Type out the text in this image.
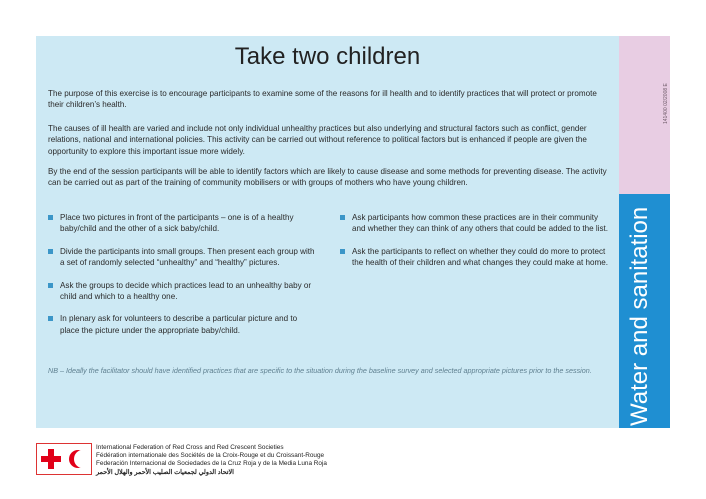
Take two children

The purpose of this exercise is to encourage participants to examine some of the reasons for ill health and to identify practices that will protect or promote their children’s health.

The causes of ill health are varied and include not only individual unhealthy practices but also underlying and structural factors such as conflict, gender relations, national and international policies. This activity can be carried out without reference to political factors but is enhanced if people are given the opportunity to explore this important issue more widely.

By the end of the session participants will be able to identify factors which are likely to cause disease and some methods for preventing disease. The activity can be carried out as part of the training of community mobilisers or with groups of mothers who have young children.

Place two pictures in front of the participants – one is of a healthy baby/child and the other of a sick baby/child.
Divide the participants into small groups. Then present each group with a set of randomly selected “unhealthy” and “healthy” pictures.
Ask the groups to decide which practices lead to an unhealthy baby or child and which to a healthy one.
In plenary ask for volunteers to describe a particular picture and to place the picture under the appropriate baby/child.
Ask participants how common these practices are in their community and whether they can think of any others that could be added to the list.
Ask the participants to reflect on whether they could do more to protect the health of their children and what changes they could make at home.

NB – Ideally the facilitator should have identified practices that are specific to the situation during the baseline survey and selected appropriate pictures prior to the session.

141400 02/2008 E
Water and sanitation
International Federation of Red Cross and Red Crescent Societies
Fédération internationale des Sociétés de la Croix-Rouge et du Croissant-Rouge
Federación Internacional de Sociedades de la Cruz Roja y de la Media Luna Roja
الاتحاد الدولي لجمعيات الصليب الأحمر والهلال الأحمر
